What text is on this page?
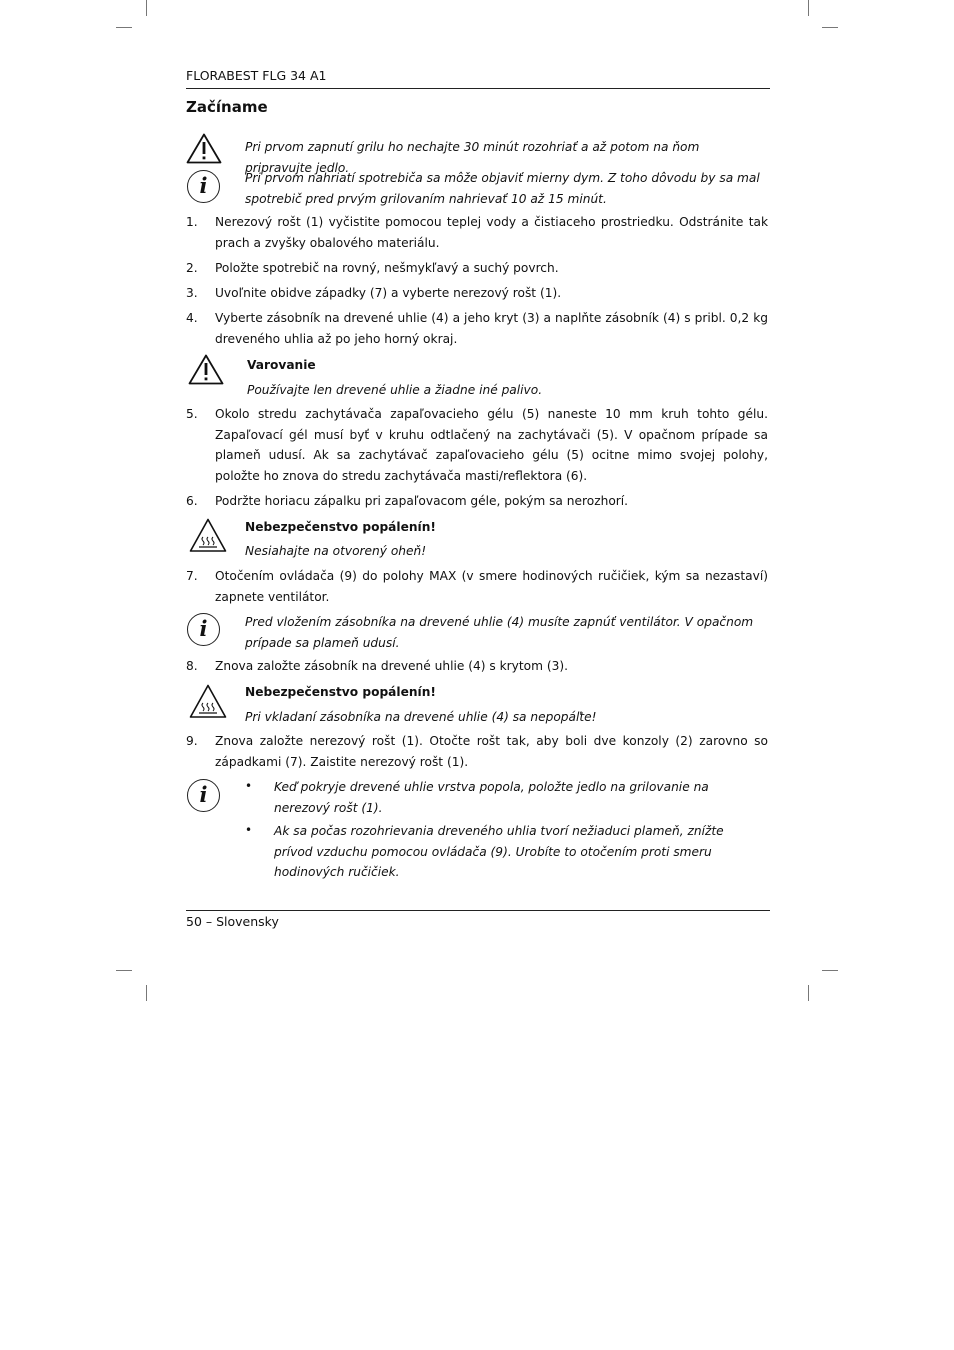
FLORABEST FLG 34 A1
Začíname
Pri prvom zapnutí grilu ho nechajte 30 minút rozohriať a až potom na ňom pripravujte jedlo.
i	Pri prvom nahriatí spotrebiča sa môže objaviť mierny dym. Z toho dôvodu by sa mal spotrebič pred prvým grilovaním nahrievať 10 až 15 minút.
1. Nerezový rošt (1) vyčistite pomocou teplej vody a čistiaceho prostriedku. Odstránite tak prach a zvyšky obalového materiálu.
2. Položte spotrebič na rovný, nešmykľavý a suchý povrch.
3. Uvoľnite obidve západky (7) a vyberte nerezový rošt (1).
4. Vyberte zásobník na drevené uhlie (4) a jeho kryt (3) a naplňte zásobník (4) s pribl. 0,2 kg dreveného uhlia až po jeho horný okraj.
Varovanie
Používajte len drevené uhlie a žiadne iné palivo.
5. Okolo stredu zachytávača zapaľovacieho gélu (5) naneste 10 mm kruh tohto gélu. Zapaľovací gél musí byť v kruhu odtlačený na zachytávači (5). V opačnom prípade sa plameň udusí. Ak sa zachytávač zapaľovacieho gélu (5) ocitne mimo svojej polohy, položte ho znova do stredu zachytávača masti/reflektora (6).
6. Podržte horiacu zápalku pri zapaľovacom géle, pokým sa nerozhorí.
Nebezpečenstvo popálenín!
Nesiahajte na otvorený oheň!
7. Otočením ovládača (9) do polohy MAX (v smere hodinových ručičiek, kým sa nezastaví) zapnete ventilátor.
i	Pred vložením zásobníka na drevené uhlie (4) musíte zapnúť ventilátor. V opačnom prípade sa plameň udusí.
8. Znova založte zásobník na drevené uhlie (4) s krytom (3).
Nebezpečenstvo popálenín!
Pri vkladaní zásobníka na drevené uhlie (4) sa nepopáľte!
9. Znova založte nerezový rošt (1). Otočte rošt tak, aby boli dve konzoly (2) zarovno so západkami (7). Zaistite nerezový rošt (1).
i	• Keď pokryje drevené uhlie vrstva popola, položte jedlo na grilovanie na nerezový rošt (1).
• Ak sa počas rozohrievania dreveného uhlia tvorí nežiaduci plameň, znížte prívod vzduchu pomocou ovládača (9). Urobíte to otočením proti smeru hodinových ručičiek.
50 – Slovensky
